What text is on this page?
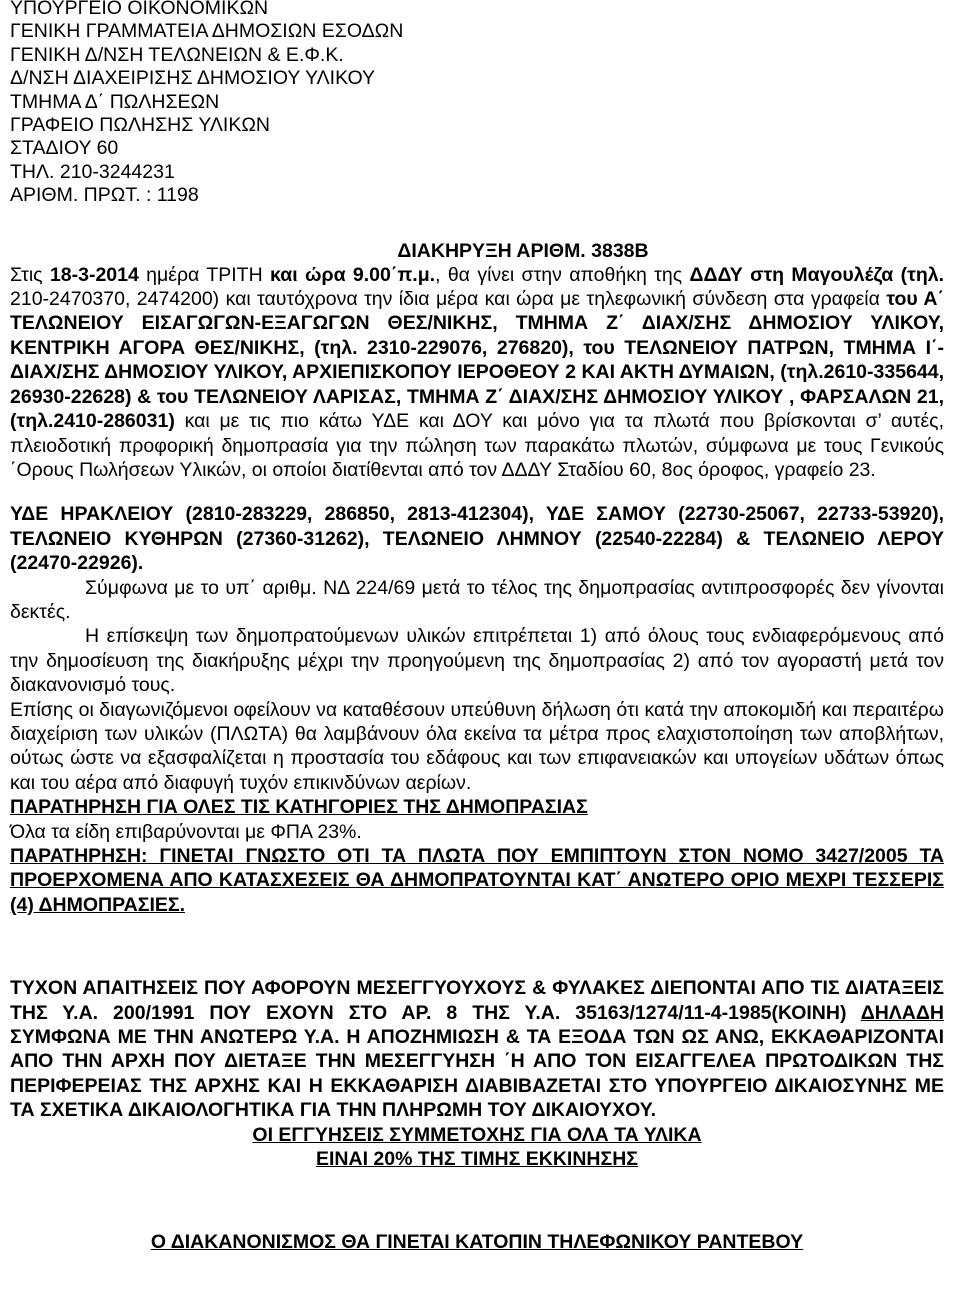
ΥΠΟΥΡΓΕΙΟ ΟΙΚΟΝΟΜΙΚΩΝ
ΓΕΝΙΚΗ ΓΡΑΜΜΑΤΕΙΑ ΔΗΜΟΣΙΩΝ ΕΣΟΔΩΝ
ΓΕΝΙΚΗ Δ/ΝΣΗ ΤΕΛΩΝΕΙΩΝ & Ε.Φ.Κ.
Δ/ΝΣΗ ΔΙΑΧΕΙΡΙΣΗΣ ΔΗΜΟΣΙΟΥ ΥΛΙΚΟΥ
ΤΜΗΜΑ Δ΄ ΠΩΛΗΣΕΩΝ
ΓΡΑΦΕΙΟ ΠΩΛΗΣΗΣ ΥΛΙΚΩΝ
ΣΤΑΔΙΟΥ 60
ΤΗΛ. 210-3244231
ΑΡΙΘΜ. ΠΡΩΤ. : 1198
ΔΙΑΚΗΡΥΞΗ ΑΡΙΘΜ. 3838Β

Στις 18-3-2014 ημέρα ΤΡΙΤΗ και ώρα 9.00΄π.μ., θα γίνει στην αποθήκη της ΔΔΔΥ στη Μαγουλέζα (τηλ. 210-2470370, 2474200) και ταυτόχρονα την ίδια μέρα και ώρα με τηλεφωνική σύνδεση στα γραφεία του Α΄ ΤΕΛΩΝΕΙΟΥ ΕΙΣΑΓΩΓΩΝ-ΕΞΑΓΩΓΩΝ ΘΕΣ/ΝΙΚΗΣ, ΤΜΗΜΑ Ζ΄ ΔΙΑΧ/ΣΗΣ ΔΗΜΟΣΙΟΥ ΥΛΙΚΟΥ, ΚΕΝΤΡΙΚΗ ΑΓΟΡΑ ΘΕΣ/ΝΙΚΗΣ, (τηλ. 2310-229076, 276820), του ΤΕΛΩΝΕΙΟΥ ΠΑΤΡΩΝ, ΤΜΗΜΑ Ι΄-ΔΙΑΧ/ΣΗΣ ΔΗΜΟΣΙΟΥ ΥΛΙΚΟΥ, ΑΡΧΙΕΠΙΣΚΟΠΟΥ ΙΕΡΟΘΕΟΥ 2 ΚΑΙ ΑΚΤΗ ΔΥΜΑΙΩΝ, (τηλ.2610-335644, 26930-22628) & του ΤΕΛΩΝΕΙΟΥ ΛΑΡΙΣΑΣ, ΤΜΗΜΑ Ζ΄ ΔΙΑΧ/ΣΗΣ ΔΗΜΟΣΙΟΥ ΥΛΙΚΟΥ , ΦΑΡΣΑΛΩΝ 21, (τηλ.2410-286031) και με τις πιο κάτω ΥΔΕ και ΔΟΥ και μόνο για τα πλωτά που βρίσκονται σ’ αυτές, πλειοδοτική προφορική δημοπρασία για την πώληση των παρακάτω πλωτών, σύμφωνα με τους Γενικούς ΄Ορους Πωλήσεων Υλικών, οι οποίοι διατίθενται από τον ΔΔΔΥ Σταδίου 60, 8ος όροφος, γραφείο 23.

ΥΔΕ ΗΡΑΚΛΕΙΟΥ (2810-283229, 286850, 2813-412304), ΥΔΕ ΣΑΜΟΥ (22730-25067, 22733-53920), ΤΕΛΩΝΕΙΟ ΚΥΘΗΡΩΝ (27360-31262), ΤΕΛΩΝΕΙΟ ΛΗΜΝΟΥ (22540-22284) & ΤΕΛΩΝΕΙΟ ΛΕΡΟΥ (22470-22926).

Σύμφωνα με το υπ΄ αριθμ. ΝΔ 224/69 μετά το τέλος της δημοπρασίας αντιπροσφορές δεν γίνονται δεκτές.

Η επίσκεψη των δημοπρατούμενων υλικών επιτρέπεται 1) από όλους τους ενδιαφερόμενους από την δημοσίευση της διακήρυξης μέχρι την προηγούμενη της δημοπρασίας 2) από τον αγοραστή μετά τον διακανονισμό τους.

Επίσης οι διαγωνιζόμενοι οφείλουν να καταθέσουν υπεύθυνη δήλωση ότι κατά την αποκομιδή και περαιτέρω διαχείριση των υλικών (ΠΛΩΤΑ) θα λαμβάνουν όλα εκείνα τα μέτρα προς ελαχιστοποίηση των αποβλήτων, ούτως ώστε να εξασφαλίζεται η προστασία του εδάφους και των επιφανειακών και υπογείων υδάτων όπως και του αέρα από διαφυγή τυχόν επικινδύνων αερίων.

ΠΑΡΑΤΗΡΗΣΗ ΓΙΑ ΟΛΕΣ ΤΙΣ ΚΑΤΗΓΟΡΙΕΣ ΤΗΣ ΔΗΜΟΠΡΑΣΙΑΣ

Όλα τα είδη επιβαρύνονται με ΦΠΑ 23%.

ΠΑΡΑΤΗΡΗΣΗ: ΓΙΝΕΤΑΙ ΓΝΩΣΤΟ ΟΤΙ ΤΑ ΠΛΩΤΑ ΠΟΥ ΕΜΠΙΠΤΟΥΝ ΣΤΟΝ ΝΟΜΟ 3427/2005 ΤΑ ΠΡΟΕΡΧΟΜΕΝΑ ΑΠΟ ΚΑΤΑΣΧΕΣΕΙΣ ΘΑ ΔΗΜΟΠΡΑΤΟΥΝΤΑΙ ΚΑΤ΄ ΑΝΩΤΕΡΟ ΟΡΙΟ ΜΕΧΡΙ ΤΕΣΣΕΡΙΣ (4) ΔΗΜΟΠΡΑΣΙΕΣ.

ΤΥΧΟΝ ΑΠΑΙΤΗΣΕΙΣ ΠΟΥ ΑΦΟΡΟΥΝ ΜΕΣΕΓΓΥΟΥΧΟΥΣ & ΦΥΛΑΚΕΣ ΔΙΕΠΟΝΤΑΙ ΑΠΟ ΤΙΣ ΔΙΑΤΑΞΕΙΣ ΤΗΣ Υ.Α. 200/1991 ΠΟΥ ΕΧΟΥΝ ΣΤΟ ΑΡ. 8 ΤΗΣ Υ.Α. 35163/1274/11-4-1985(ΚΟΙΝΗ) ΔΗΛΑΔΗ ΣΥΜΦΩΝΑ ΜΕ ΤΗΝ ΑΝΩΤΕΡΩ Υ.Α. Η ΑΠΟΖΗΜΙΩΣΗ & ΤΑ ΕΞΟΔΑ ΤΩΝ ΩΣ ΑΝΩ, ΕΚΚΑΘΑΡΙΖΟΝΤΑΙ ΑΠΟ ΤΗΝ ΑΡΧΗ ΠΟΥ ΔΙΕΤΑΞΕ ΤΗΝ ΜΕΣΕΓΓΥΗΣΗ ΄Η ΑΠΟ ΤΟΝ ΕΙΣΑΓΓΕΛΕΑ ΠΡΩΤΟΔΙΚΩΝ ΤΗΣ ΠΕΡΙΦΕΡΕΙΑΣ ΤΗΣ ΑΡΧΗΣ ΚΑΙ Η ΕΚΚΑΘΑΡΙΣΗ ΔΙΑΒΙΒΑΖΕΤΑΙ ΣΤΟ ΥΠΟΥΡΓΕΙΟ ΔΙΚΑΙΟΣΥΝΗΣ ΜΕ ΤΑ ΣΧΕΤΙΚΑ ΔΙΚΑΙΟΛΟΓΗΤΙΚΑ ΓΙΑ ΤΗΝ ΠΛΗΡΩΜΗ ΤΟΥ ΔΙΚΑΙΟΥΧΟΥ.

ΟΙ ΕΓΓΥΗΣΕΙΣ ΣΥΜΜΕΤΟΧΗΣ ΓΙΑ ΟΛΑ ΤΑ ΥΛΙΚΑ
ΕΙΝΑΙ 20% ΤΗΣ ΤΙΜΗΣ ΕΚΚΙΝΗΣΗΣ
Ο ΔΙΑΚΑΝΟΝΙΣΜΟΣ ΘΑ ΓΙΝΕΤΑΙ ΚΑΤΟΠΙΝ ΤΗΛΕΦΩΝΙΚΟΥ ΡΑΝΤΕΒΟΥ
